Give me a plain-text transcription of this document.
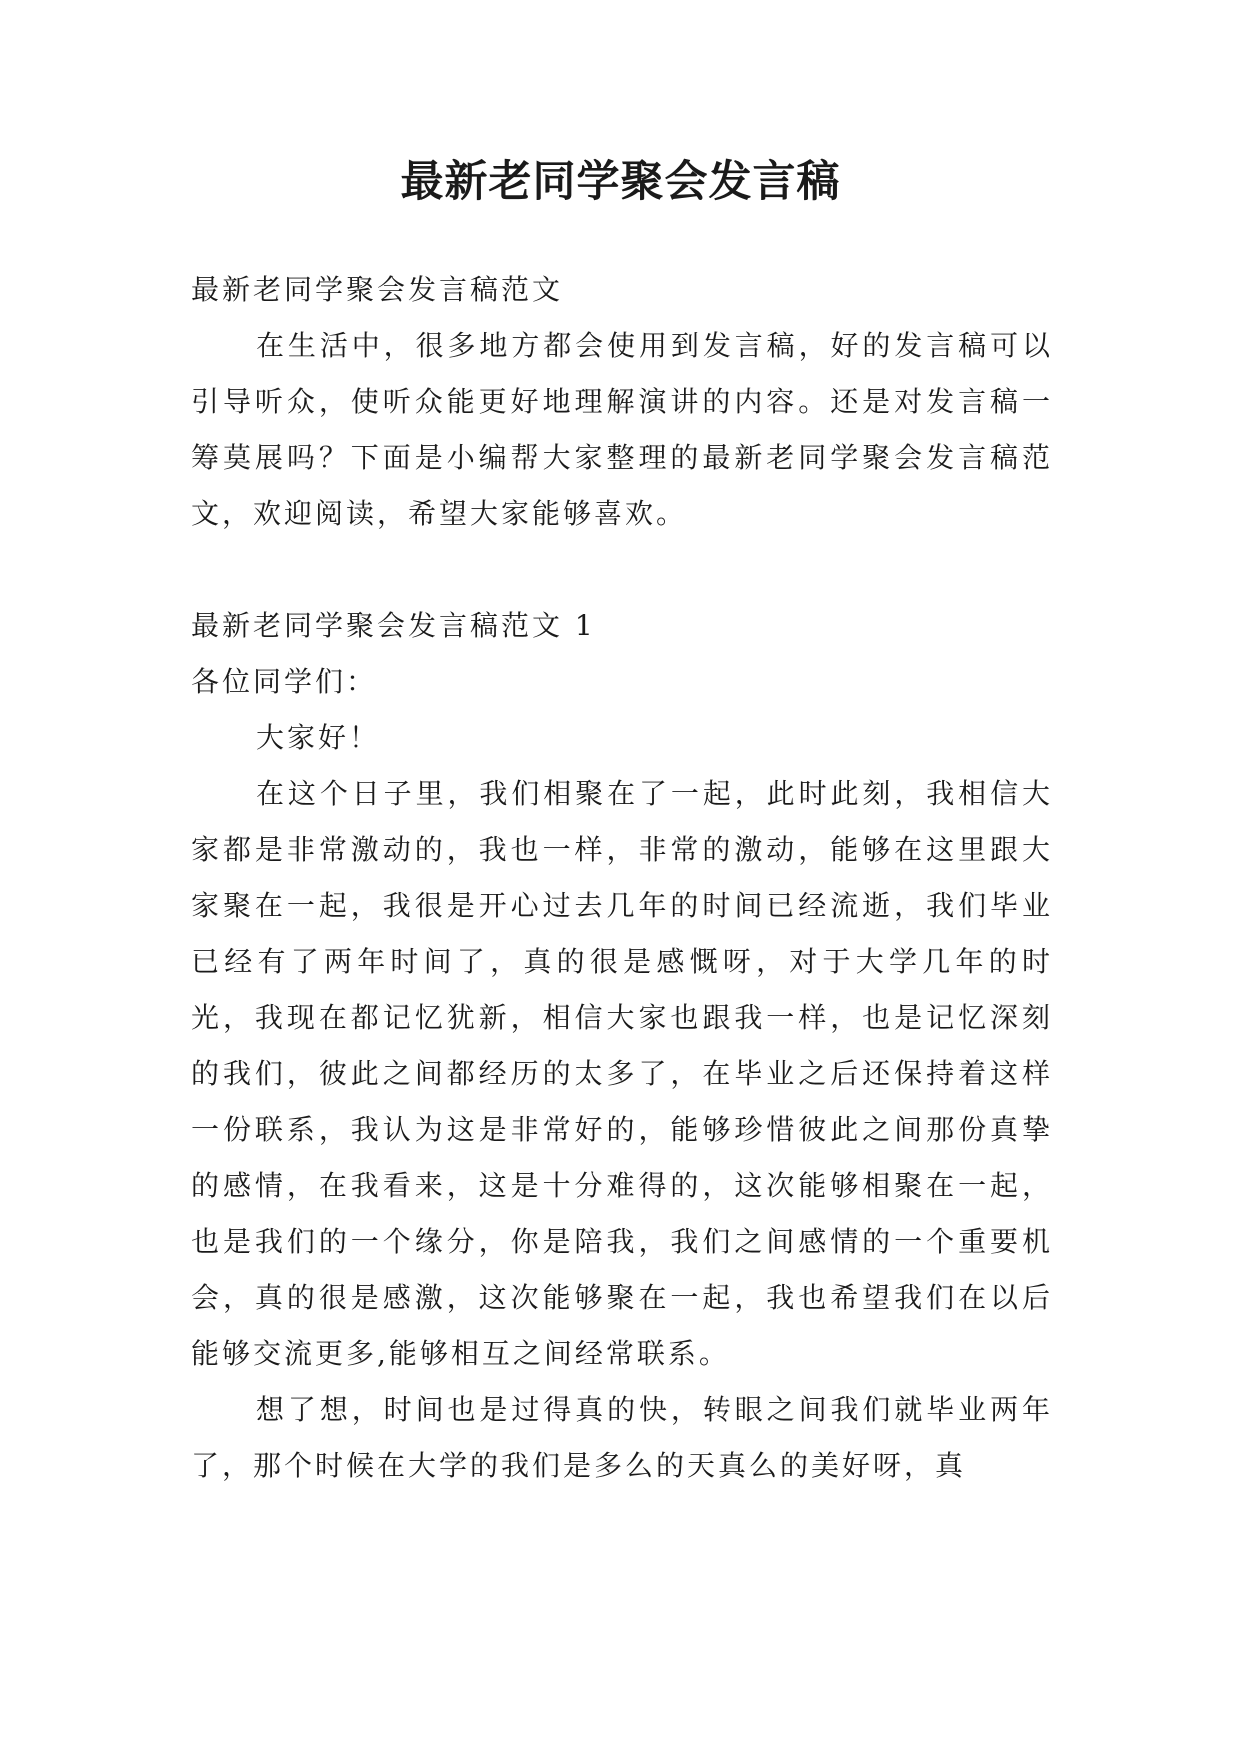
最新老同学聚会发言稿

最新老同学聚会发言稿范文

在生活中，很多地方都会使用到发言稿，好的发言稿可以引导听众，使听众能更好地理解演讲的内容。还是对发言稿一筹莫展吗？下面是小编帮大家整理的最新老同学聚会发言稿范文，欢迎阅读，希望大家能够喜欢。

最新老同学聚会发言稿范文 1

各位同学们：

大家好！

在这个日子里，我们相聚在了一起，此时此刻，我相信大家都是非常激动的，我也一样，非常的激动，能够在这里跟大家聚在一起，我很是开心过去几年的时间已经流逝，我们毕业已经有了两年时间了，真的很是感慨呀，对于大学几年的时光，我现在都记忆犹新，相信大家也跟我一样，也是记忆深刻的我们，彼此之间都经历的太多了，在毕业之后还保持着这样一份联系，我认为这是非常好的，能够珍惜彼此之间那份真挚的感情，在我看来，这是十分难得的，这次能够相聚在一起，也是我们的一个缘分，你是陪我，我们之间感情的一个重要机会，真的很是感激，这次能够聚在一起，我也希望我们在以后能够交流更多,能够相互之间经常联系。

想了想，时间也是过得真的快，转眼之间我们就毕业两年了，那个时候在大学的我们是多么的天真么的美好呀，真
